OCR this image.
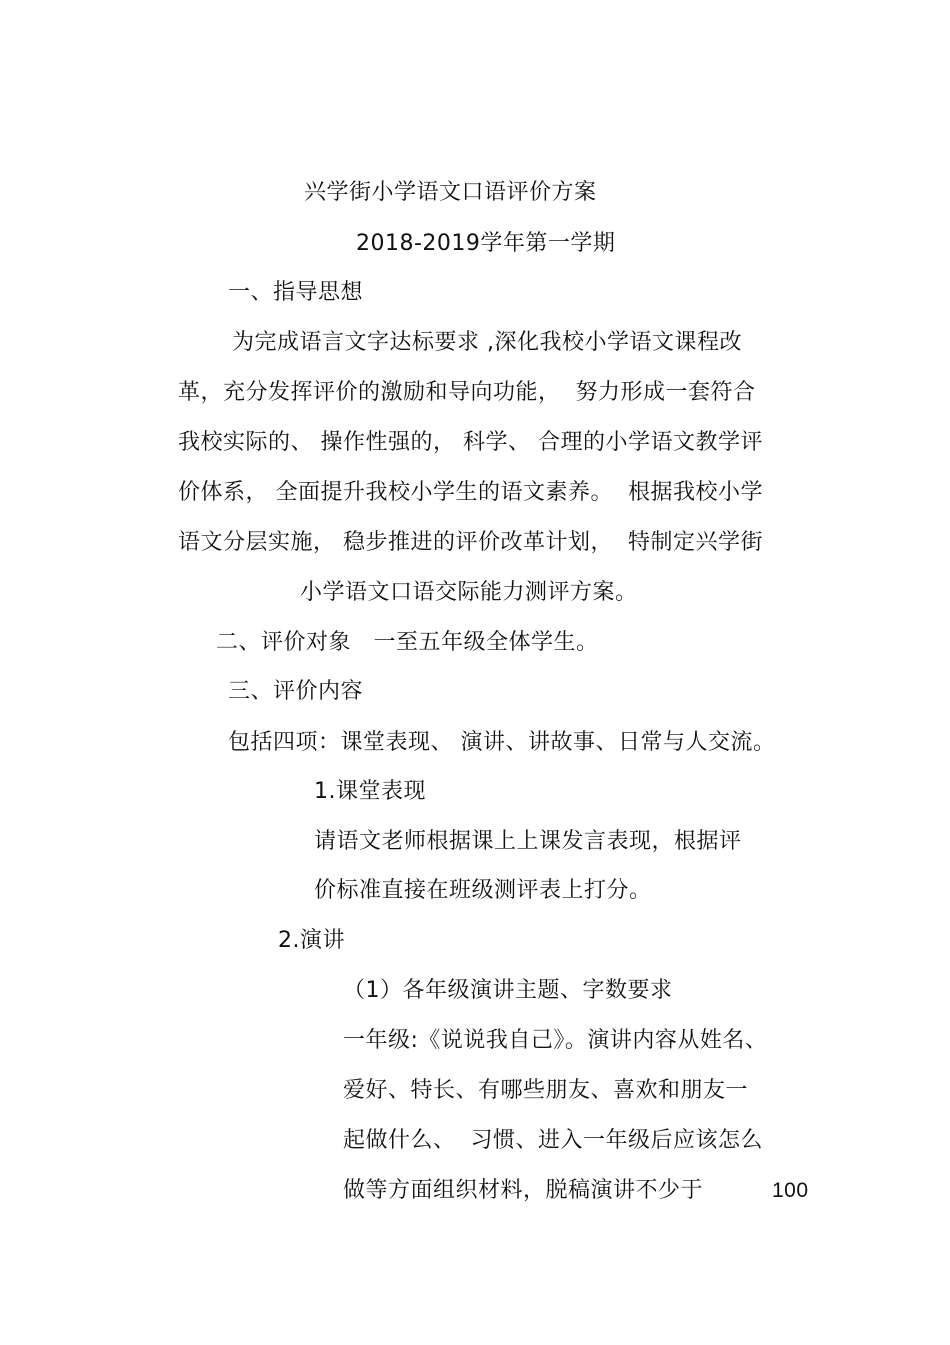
兴学街小学语文口语评价方案
2018-2019学年第一学期
一、指导思想
为完成语言文字达标要求 ,深化我校小学语文课程改
革，充分发挥评价的激励和导向功能，  努力形成一套符合
我校实际的、 操作性强的， 科学、 合理的小学语文教学评
价体系， 全面提升我校小学生的语文素养。  根据我校小学
语文分层实施， 稳步推进的评价改革计划，  特制定兴学街
小学语文口语交际能力测评方案。
二、评价对象   一至五年级全体学生。
三、评价内容
包括四项：课堂表现、 演讲、讲故事、日常与人交流。
1.课堂表现
请语文老师根据课上上课发言表现，根据评
价标准直接在班级测评表上打分。
2.演讲
（1）各年级演讲主题、字数要求
一年级:《说说我自己》。演讲内容从姓名、
爱好、特长、有哪些朋友、喜欢和朋友一
起做什么、  习惯、进入一年级后应该怎么
做等方面组织材料，脱稿演讲不少于	100
